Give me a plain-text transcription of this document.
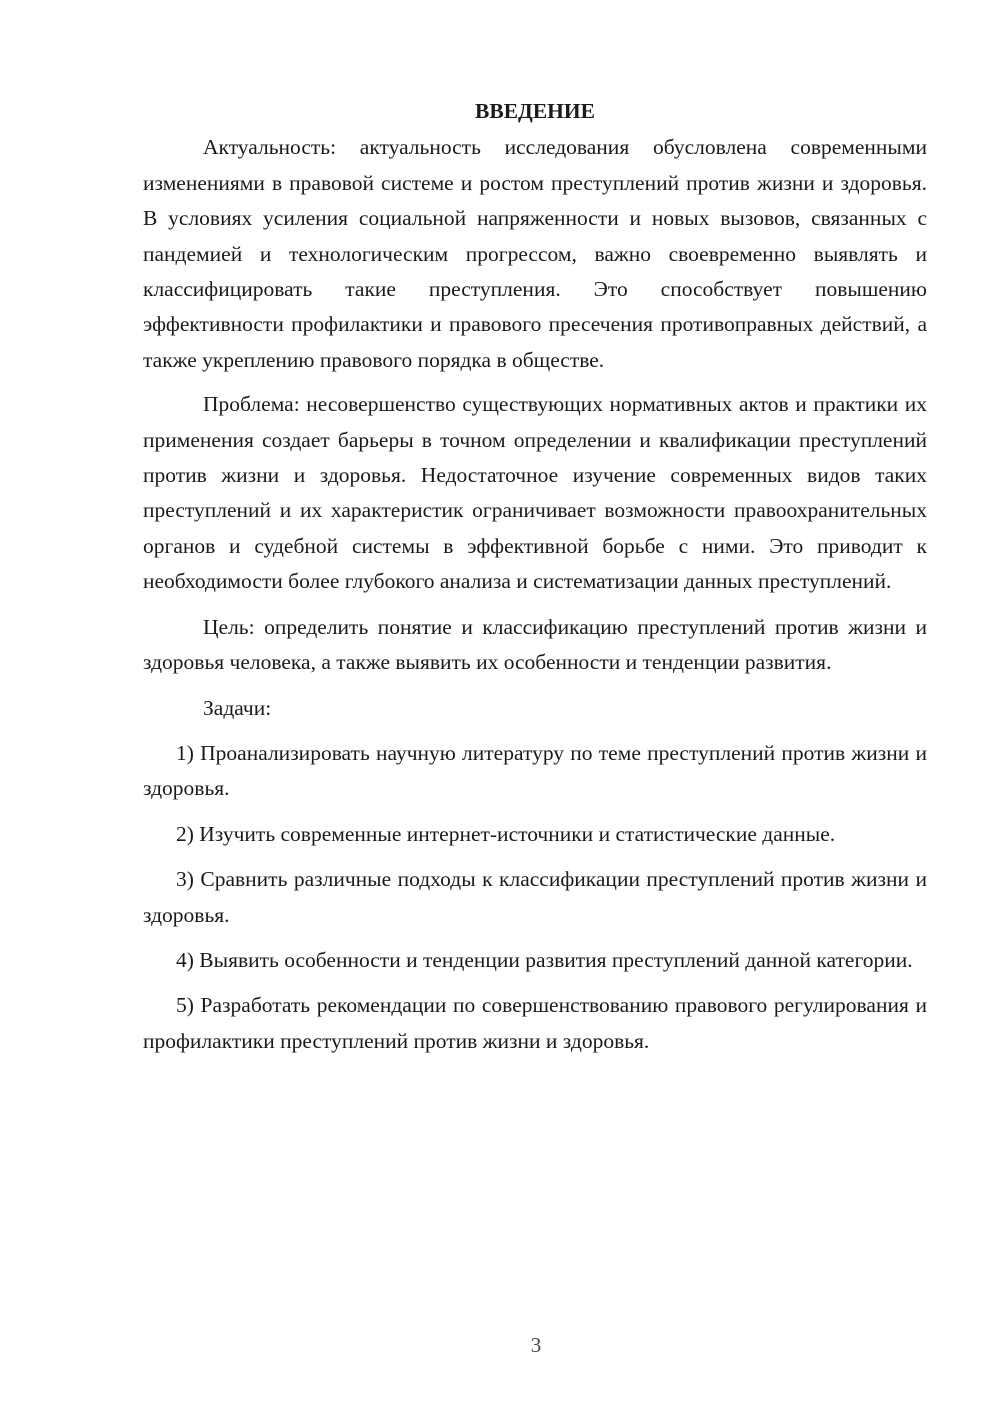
ВВЕДЕНИЕ

Актуальность: актуальность исследования обусловлена современными изменениями в правовой системе и ростом преступлений против жизни и здоровья. В условиях усиления социальной напряженности и новых вызовов, связанных с пандемией и технологическим прогрессом, важно своевременно выявлять и классифицировать такие преступления. Это способствует повышению эффективности профилактики и правового пресечения противоправных действий, а также укреплению правового порядка в обществе.

Проблема: несовершенство существующих нормативных актов и практики их применения создает барьеры в точном определении и квалификации преступлений против жизни и здоровья. Недостаточное изучение современных видов таких преступлений и их характеристик ограничивает возможности правоохранительных органов и судебной системы в эффективной борьбе с ними. Это приводит к необходимости более глубокого анализа и систематизации данных преступлений.

Цель: определить понятие и классификацию преступлений против жизни и здоровья человека, а также выявить их особенности и тенденции развития.

Задачи:

1) Проанализировать научную литературу по теме преступлений против жизни и здоровья.

2) Изучить современные интернет-источники и статистические данные.

3) Сравнить различные подходы к классификации преступлений против жизни и здоровья.

4) Выявить особенности и тенденции развития преступлений данной категории.

5) Разработать рекомендации по совершенствованию правового регулирования и профилактики преступлений против жизни и здоровья.

3
